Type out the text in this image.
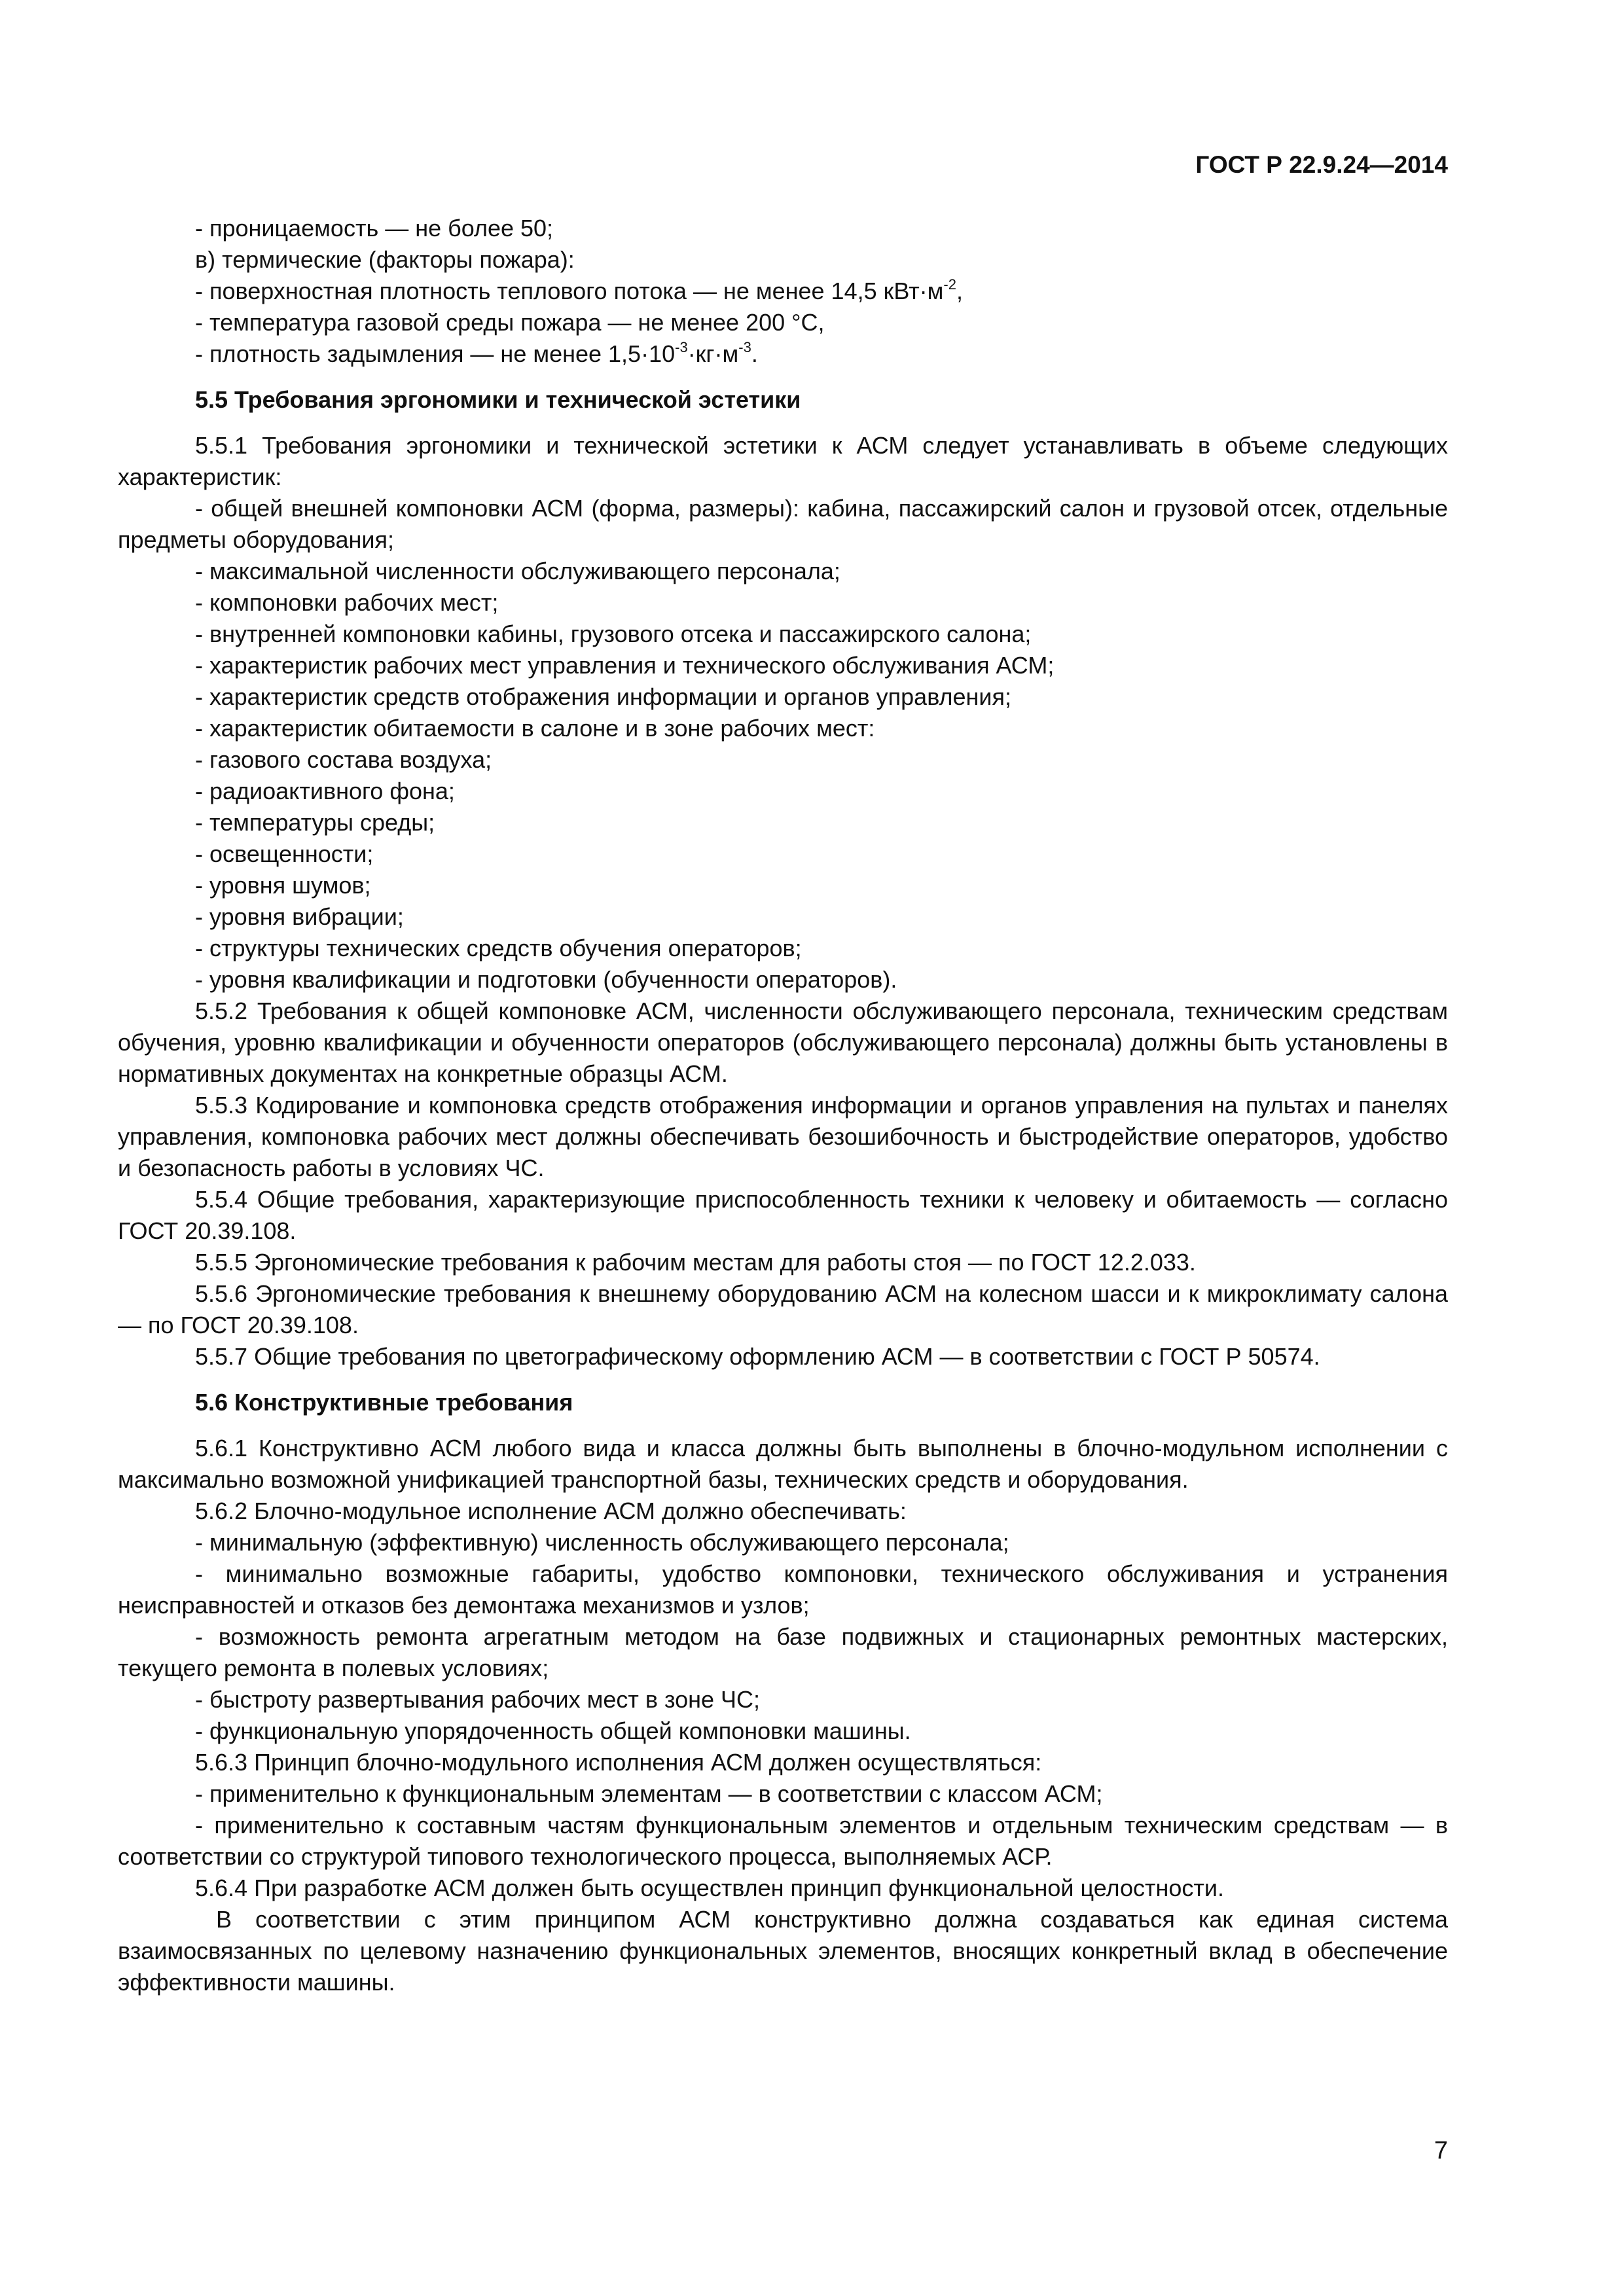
ГОСТ Р 22.9.24—2014

- проницаемость — не более 50;

в) термические (факторы пожара):

- поверхностная плотность теплового потока — не менее 14,5 $кВт\cdot м^{-2}$,

- температура газовой среды пожара — не менее 200 °С,

- плотность задымления — не менее $1,5\cdot 10^{-3}\cdot кг\cdot м^{-3}$.

5.5 Требования эргономики и технической эстетики

5.5.1 Требования эргономики и технической эстетики к АСМ следует устанавливать в объеме следующих характеристик:

- общей внешней компоновки АСМ (форма, размеры): кабина, пассажирский салон и грузовой отсек, отдельные предметы оборудования;

- максимальной численности обслуживающего персонала;

- компоновки рабочих мест;

- внутренней компоновки кабины, грузового отсека и пассажирского салона;

- характеристик рабочих мест управления и технического обслуживания АСМ;

- характеристик средств отображения информации и органов управления;

- характеристик обитаемости в салоне и в зоне рабочих мест:

- газового состава воздуха;

- радиоактивного фона;

- температуры среды;

- освещенности;

- уровня шумов;

- уровня вибрации;

- структуры технических средств обучения операторов;

- уровня квалификации и подготовки (обученности операторов).

5.5.2 Требования к общей компоновке АСМ, численности обслуживающего персонала, техническим средствам обучения, уровню квалификации и обученности операторов (обслуживающего персонала) должны быть установлены в нормативных документах на конкретные образцы АСМ.

5.5.3 Кодирование и компоновка средств отображения информации и органов управления на пультах и панелях управления, компоновка рабочих мест должны обеспечивать безошибочность и быстродействие операторов, удобство и безопасность работы в условиях ЧС.

5.5.4 Общие требования, характеризующие приспособленность техники к человеку и обитаемость — согласно ГОСТ 20.39.108.

5.5.5 Эргономические требования к рабочим местам для работы стоя — по ГОСТ 12.2.033.

5.5.6 Эргономические требования к внешнему оборудованию АСМ на колесном шасси и к микроклимату салона — по ГОСТ 20.39.108.

5.5.7 Общие требования по цветографическому оформлению АСМ — в соответствии с ГОСТ Р 50574.

5.6 Конструктивные требования

5.6.1 Конструктивно АСМ любого вида и класса должны быть выполнены в блочно-модульном исполнении с максимально возможной унификацией транспортной базы, технических средств и оборудования.

5.6.2 Блочно-модульное исполнение АСМ должно обеспечивать:

- минимальную (эффективную) численность обслуживающего персонала;

- минимально возможные габариты, удобство компоновки, технического обслуживания и устранения неисправностей и отказов без демонтажа механизмов и узлов;

- возможность ремонта агрегатным методом на базе подвижных и стационарных ремонтных мастерских, текущего ремонта в полевых условиях;

- быстроту развертывания рабочих мест в зоне ЧС;

- функциональную упорядоченность общей компоновки машины.

5.6.3 Принцип блочно-модульного исполнения АСМ должен осуществляться:

- применительно к функциональным элементам — в соответствии с классом АСМ;

- применительно к составным частям функциональным элементов и отдельным техническим средствам — в соответствии со структурой типового технологического процесса, выполняемых АСР.

5.6.4 При разработке АСМ должен быть осуществлен принцип функциональной целостности.

В соответствии с этим принципом АСМ конструктивно должна создаваться как единая система взаимосвязанных по целевому назначению функциональных элементов, вносящих конкретный вклад в обеспечение эффективности машины.

7
